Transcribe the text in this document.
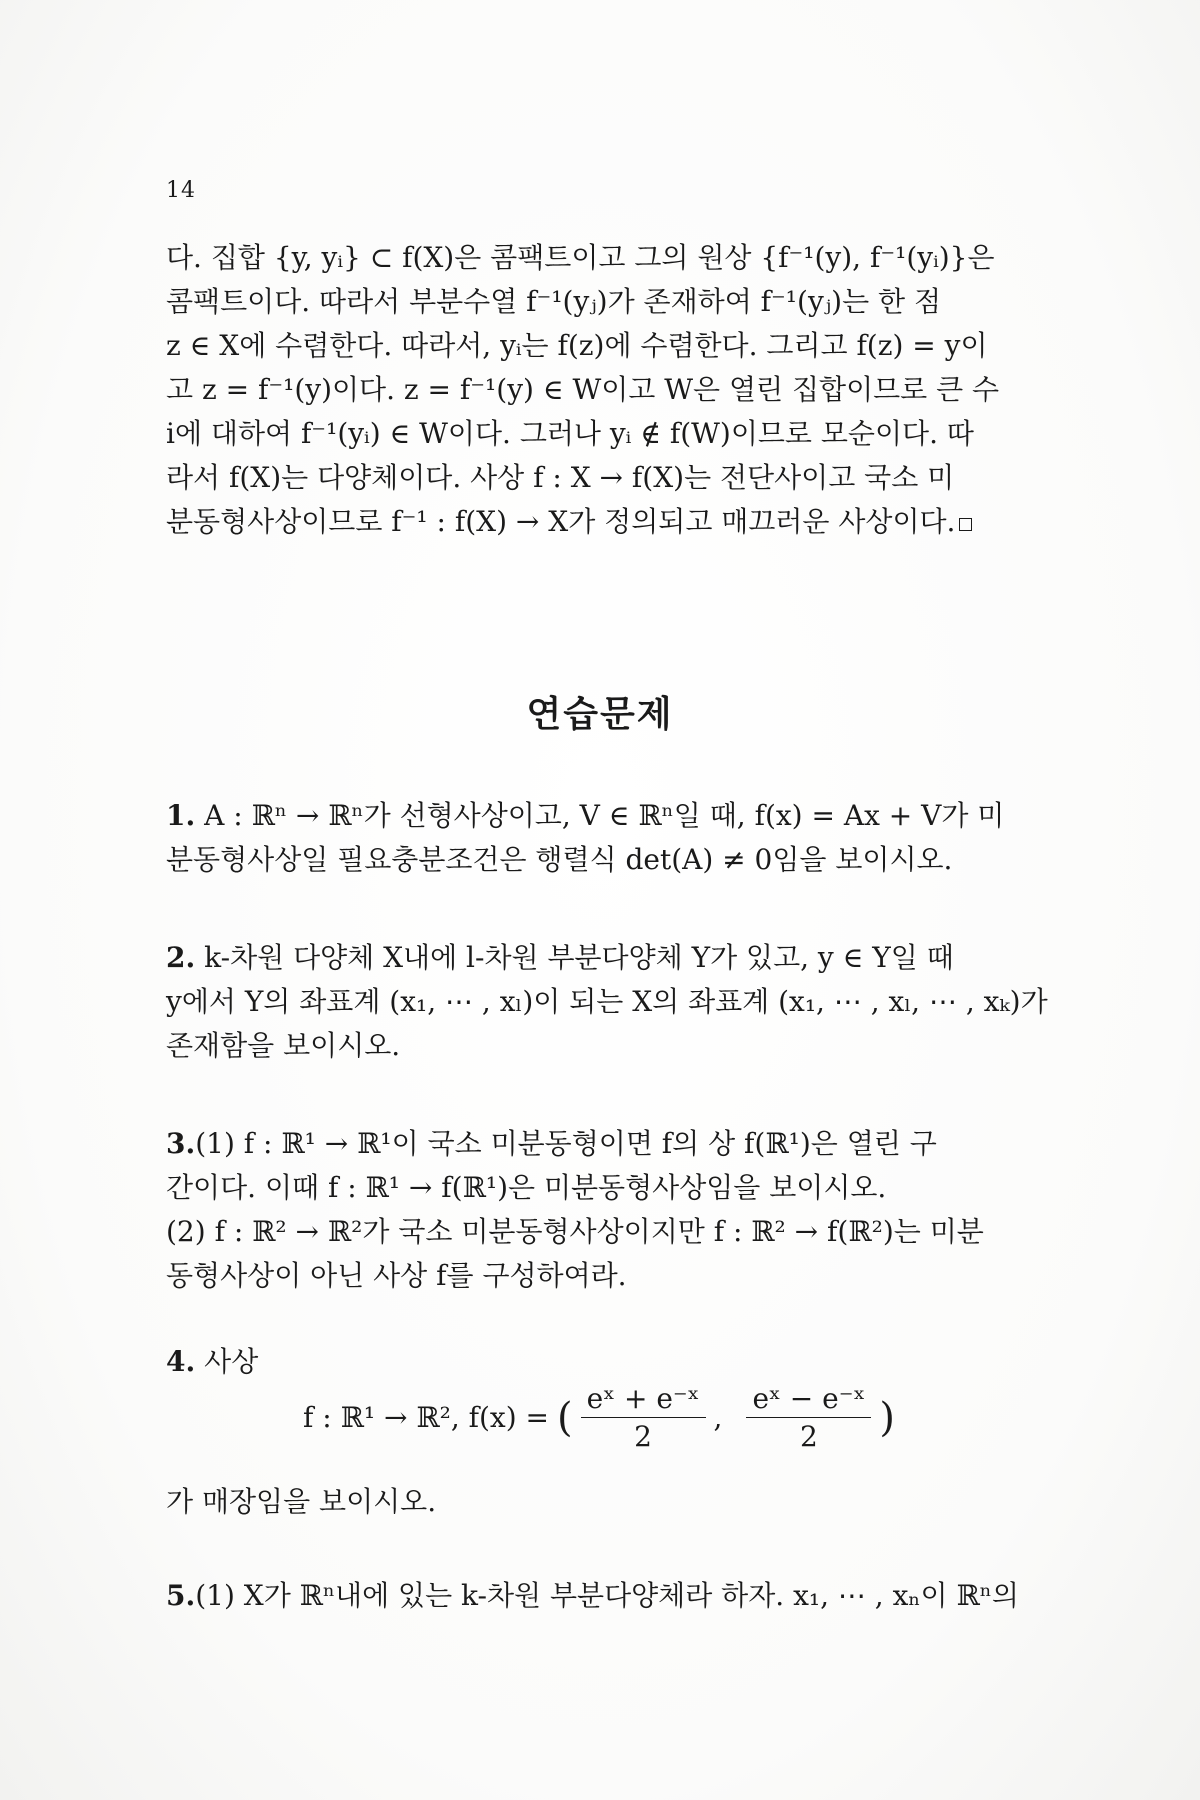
14
다. 집합 {y, yᵢ} ⊂ f(X)은 콤팩트이고 그의 원상 {f⁻¹(y), f⁻¹(yᵢ)}은
콤팩트이다. 따라서 부분수열 f⁻¹(yⱼ)가 존재하여 f⁻¹(yⱼ)는 한 점
z ∈ X에 수렴한다. 따라서, yᵢ는 f(z)에 수렴한다. 그리고 f(z) = y이
고 z = f⁻¹(y)이다. z = f⁻¹(y) ∈ W이고 W은 열린 집합이므로 큰 수
i에 대하여 f⁻¹(yᵢ) ∈ W이다. 그러나 yᵢ ∉ f(W)이므로 모순이다. 따
라서 f(X)는 다양체이다. 사상 f : X → f(X)는 전단사이고 국소 미
분동형사상이므로 f⁻¹ : f(X) → X가 정의되고 매끄러운 사상이다.
연습문제
1. A : ℝⁿ → ℝⁿ가 선형사상이고, V ∈ ℝⁿ일 때, f(x) = Ax + V가 미
분동형사상일 필요충분조건은 행렬식 det(A) ≠ 0임을 보이시오.
2. k-차원 다양체 X내에 l-차원 부분다양체 Y가 있고, y ∈ Y일 때
y에서 Y의 좌표계 (x₁, ⋯ , xₗ)이 되는 X의 좌표계 (x₁, ⋯ , xₗ, ⋯ , xₖ)가
존재함을 보이시오.
3.(1) f : ℝ¹ → ℝ¹이 국소 미분동형이면 f의 상 f(ℝ¹)은 열린 구
간이다. 이때 f : ℝ¹ → f(ℝ¹)은 미분동형사상임을 보이시오.
(2) f : ℝ² → ℝ²가 국소 미분동형사상이지만 f : ℝ² → f(ℝ²)는 미분
동형사상이 아닌 사상 f를 구성하여라.
4. 사상
f : ℝ¹ → ℝ², f(x) = ( $\frac{\text{eˣ + e⁻ˣ}}{2}$ , $\frac{\text{eˣ − e⁻ˣ}}{2}$ )
가 매장임을 보이시오.
5.(1) X가 ℝⁿ내에 있는 k-차원 부분다양체라 하자. x₁, ⋯ , xₙ이 ℝⁿ의
